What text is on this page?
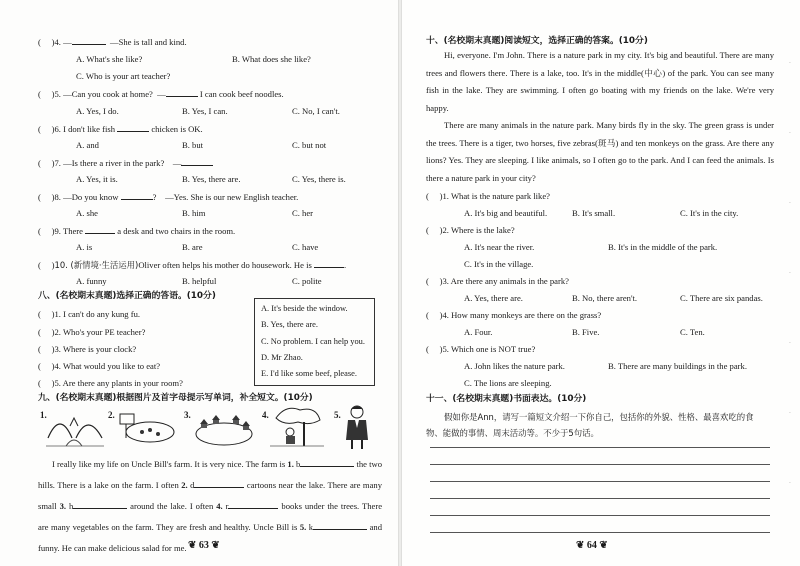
( )4. —	—She is tall and kind.
A. What's she like?	B. What does she like?
C. Who is your art teacher?
( )5. —Can you cook at home? —	I can cook beef noodles.
A. Yes, I do.	B. Yes, I can.	C. No, I can't.
( )6. I don't like fish	chicken is OK.
A. and	B. but	C. but not
( )7. —Is there a river in the park? —
A. Yes, it is.	B. Yes, there are.	C. Yes, there is.
( )8. —Do you know	? —Yes. She is our new English teacher.
A. she	B. him	C. her
( )9. There	a desk and two chairs in the room.
A. is	B. are	C. have
( )10. (新情境·生活运用)Oliver often helps his mother do housework. He is	.
A. funny	B. helpful	C. polite
八、(名校期末真题)选择正确的答语。(10分)
( )1. I can't do any kung fu.
( )2. Who's your PE teacher?
( )3. Where is your clock?
( )4. What would you like to eat?
( )5. Are there any plants in your room?
A. It's beside the window.
B. Yes, there are.
C. No problem. I can help you.
D. Mr Zhao.
E. I'd like some beef, please.
九、(名校期末真题)根据图片及首字母提示写单词，补全短文。(10分)
1.	2.	3.	4.	5.
I really like my life on Uncle Bill's farm. It is very nice. The farm is 1. b	the two hills. There is a lake on the farm. I often 2. d	cartoons near the lake. There are many small 3. h	around the lake. I often 4. r	books under the trees. There are many vegetables on the farm. They are fresh and healthy. Uncle Bill is 5. k	and funny. He can make delicious salad for me. ❦ 63 ❦
十、(名校期末真题)阅读短文，选择正确的答案。(10分)
Hi, everyone. I'm John. There is a nature park in my city. It's big and beautiful. There are many trees and flowers there. There is a lake, too. It's in the middle(中心) of the park. You can see many fish in the lake. They are swimming. I often go boating with my friends on the lake. We're very happy.
There are many animals in the nature park. Many birds fly in the sky. The green grass is under the trees. There is a tiger, two horses, five zebras(斑马) and ten monkeys on the grass. Are there any lions? Yes. They are sleeping. I like animals, so I often go to the park. And I can feed the animals. Is there a nature park in your city?
( )1. What is the nature park like?
A. It's big and beautiful.	B. It's small.	C. It's in the city.
( )2. Where is the lake?
A. It's near the river.	B. It's in the middle of the park.
C. It's in the village.
( )3. Are there any animals in the park?
A. Yes, there are.	B. No, there aren't.	C. There are six pandas.
( )4. How many monkeys are there on the grass?
A. Four.	B. Five.	C. Ten.
( )5. Which one is NOT true?
A. John likes the nature park.	B. There are many buildings in the park.
C. The lions are sleeping.
十一、(名校期末真题)书面表达。(10分)
假如你是Ann，请写一篇短文介绍一下你自己，包括你的外貌、性格、最喜欢吃的食
物、能做的事情、周末活动等。不少于5句话。
❦ 64 ❦
·
·
·
·
·
·
·
